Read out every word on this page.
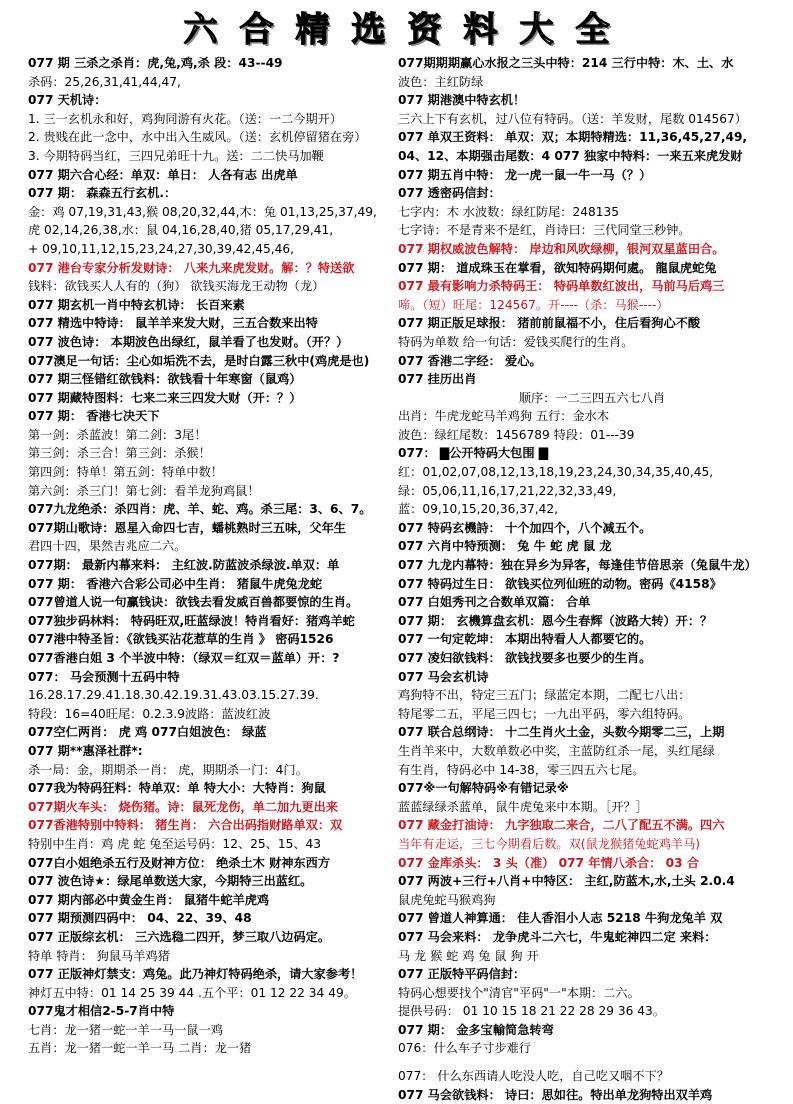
六 合 精 选 资 料 大 全
077 期 三杀之杀肖：虎,兔,鸡,杀 段：43--49
杀码：25,26,31,41,44,47,
077 天机诗：
1. 三一玄机永和好，鸡狗同游有火花。（送：一二今期开）
2. 贵贱在此一念中，水中出入生威风。（送：玄机停留猪在旁）
3. 今期特码当红，三四兄弟旺十九。送：二二快马加鞭
077 期六合心经：单双：单日： 人各有志 出虎单
077 期： 森森五行玄机.：
金：鸡 07,19,31,43,猴 08,20,32,44,木：兔 01,13,25,37,49,
虎 02,14,26,38,水：鼠 04,16,28,40,猪 05,17,29,41,
+ 09,10,11,12,15,23,24,27,30,39,42,45,46,
077 港台专家分析发财诗： 八来九来虎发财。解：？特送欲
钱料：欲钱买人人有的（狗） 欲钱买海龙王动物（龙）
077 期玄机一肖中特玄机诗： 长百来素
077 精选中特诗： 鼠羊羊来发大财，三五合数来出特
077 波色诗： 本期波色出绿红，鼠羊看了也发财。（开？）
077澳足一句话：尘心如垢洗不去，是时白露三秋中(鸡虎是也)
077 期三怪错红欲钱料：欲钱看十年寒窗（鼠鸡）
077 期藏特图料：七来二来三四发大财（开：？）
077 期： 香港七决天下
第一剑：杀蓝波！第二剑：3尾！
第三剑：杀三合！第三剑：杀猴！
第四剑：特单！第五剑：特单中数！
第六剑：杀三门！第七剑：看羊龙狗鸡鼠！
077九龙绝杀：杀四肖：虎、羊、蛇、鸡。杀三尾：3、6、7。
077期山歌诗：恩星入命四七吉，蟠桃熟时三五味，父年生
君四十四，果然吉兆应二六。
077期： 最新内幕来料： 主红波.防蓝波杀绿波.单双：单
077 期： 香港六合彩公司必中生肖： 猪鼠牛虎兔龙蛇
077曾道人说一句赢钱诀：欲钱去看发威百兽都要惊的生肖。
077独步码林料： 特码旺双,旺蓝绿波！特肖看好：猪鸡羊蛇
077港中特圣旨：《欲钱买沾花惹草的生肖 》 密码1526
077香港白姐 3 个半波中特：（绿双＝红双＝蓝单）开：?
077： 马会预测十五码中特
16.28.17.29.41.18.30.42.19.31.43.03.15.27.39.
特段：16=40旺尾：0.2.3.9波路：蓝波红波
077空仁两肖： 虎 鸡 077白姐波色： 绿蓝
077 期**惠泽社群*:
杀一局：金，期期杀一肖： 虎，期期杀一门：4门。
077我为特码狂料：特单双：单 特大小：大特肖：狗鼠
077期火车头： 烧伤猪。诗：鼠死龙伤，单二加九更出来
077香港特别中特料： 猪生肖： 六合出码指财路单双：双
特别中生肖：鸡 虎 蛇 兔至运号码：12、25、15、43
077白小姐绝杀五行及财神方位： 绝杀土木 财神东西方
077 波色诗★：绿尾单数送大家，今期特三出蓝红。
077 期内部必中黄金生肖： 鼠猪牛蛇羊虎鸡
077 期预测四码中： 04、22、39、48
077 正版综玄机： 三六选稳二四开，梦三取八边码定。
特单 特肖： 狗鼠马羊鸡猪
077 正版神灯禁支：鸡兔。此乃神灯特码绝杀，请大家参考！
神灯五中特：01 14 25 39 44 .五个平：01 12 22 34 49。
077鬼才相信2-5-7肖中特
七肖：龙一猪一蛇一羊一马一鼠一鸡
五肖：龙一猪一蛇一羊一马 二肖：龙一猪
077期期期赢心水报之三头中特：214 三行中特：木、土、水
波色：主红防绿
077 期港澳中特玄机！
三六上下有玄机，过八位有特码。（送：羊发财，尾数 014567）
077 单双王资料： 单双：双；本期特精选：11,36,45,27,49,
04、12、本期强击尾数：4 077 独家中特料：一来五来虎发财
077 期五肖中特： 龙一虎一鼠一牛一马（？）
077 透密码信封：
七字内：木 水波数：绿红防尾：248135
七字诗：不是青来不是红，肖诗曰：三代同堂三秒钟。
077 期权威波色解特： 岸边和风吹绿柳，银河双星蓝田合。
077 期： 道成珠玉在掌看，欲知特码期何處。 龍鼠虎蛇兔
077 最有影响力杀特码王： 特码单数红波出，马前马后鸡三
啼。（短）旺尾：124567。开----（杀：马猴----）
077 期正版足球报： 猪前前鼠福不小，住后看狗心不酸
特码为单数 给一句话：爱钱买爬行的生肖。
077 香港二字经： 爱心。
077 挂历出肖
顺序：一二三四五六七八肖
出肖：牛虎龙蛇马羊鸡狗 五行：金水木
波色：绿红尾数：1456789 特段：01---39
077： ▇公开特码大包围 ▇
红：01,02,07,08,12,13,18,19,23,24,30,34,35,40,45,
绿：05,06,11,16,17,21,22,32,33,49,
蓝：09,10,15,20,36,37,42,
077 特码玄機詩： 十个加四个，八个减五个。
077 六肖中特预测： 兔 牛 蛇 虎 鼠 龙
077 九龙内幕特：独在异乡为异客，每逢佳节倍思亲（兔鼠牛龙）
077 特码过生日： 欲钱买位列仙班的动物。密码《4158》
077 白姐秀刊之合数单双篇： 合单
077 期： 玄機算盘玄机：恩今生春辉（波路大转）开：？
077 一句定乾坤： 本期出特看人人都要它的。
077 凌妇欲钱料： 欲钱找要多也要少的生肖。
077 马会玄机诗
鸡狗特不出，特定三五门；绿蓝定本期，二配七八出：
特尾零二五，平尾三四七；一九出平码，零六组特码。
077 联合总纲诗： 十二生肖火土金，头数今期零二三，上期
生肖羊来中，大数单数必中奖，主蓝防红杀一尾，头红尾绿
有生肖，特码必中 14-38，零三四五六七尾。
077※一句解特码※有错记录※
蓝蓝绿绿杀蓝单，鼠牛虎兔来中本期。［开？］
077 藏金打油诗： 九字独取二来合，二八了配五不满。四六
当年有走运，三七今期看后数。双(鼠龙猴猪兔蛇鸡羊马)
077 金库杀头： 3 头（准） 077 年情八杀合： 03 合
077 两波+三行+八肖+中特区： 主红,防蓝木,水,土头 2.0.4
鼠虎兔蛇马猴鸡狗
077 曾道人神算通： 佳人香泪小人志 5218 牛狗龙兔羊 双
077 马会来料： 龙争虎斗二六七，牛鬼蛇神四二定 来料：
马 龙 猴 蛇 鸡 兔 鼠 狗 开
077 正版特平码信封：
特码心想要找个"清官"平码"一"本期：二六。
提供号码： 01 10 15 18 21 22 28 29 36 43。
077 期： 金多宝輸简急转弯
076：什么车子寸步难行
077： 什么东西请人吃没人吃，自己吃又咽不下？
077 马会欲钱料： 诗曰：思如往。特出单龙狗特出双羊鸡
